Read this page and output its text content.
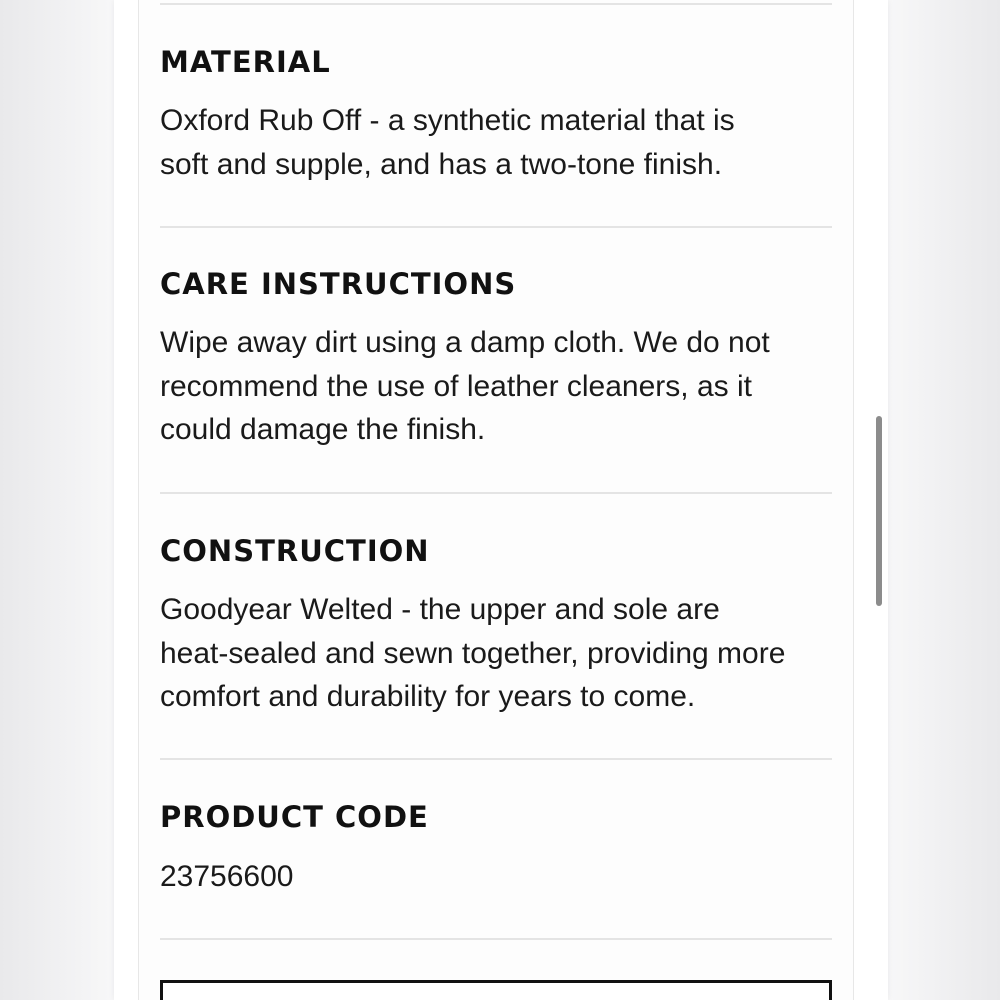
MATERIAL

Oxford Rub Off - a synthetic material that is
soft and supple, and has a two-tone finish.

CARE INSTRUCTIONS

Wipe away dirt using a damp cloth. We do not
recommend the use of leather cleaners, as it
could damage the finish.

CONSTRUCTION

Goodyear Welted - the upper and sole are
heat-sealed and sewn together, providing more
comfort and durability for years to come.

PRODUCT CODE

23756600
